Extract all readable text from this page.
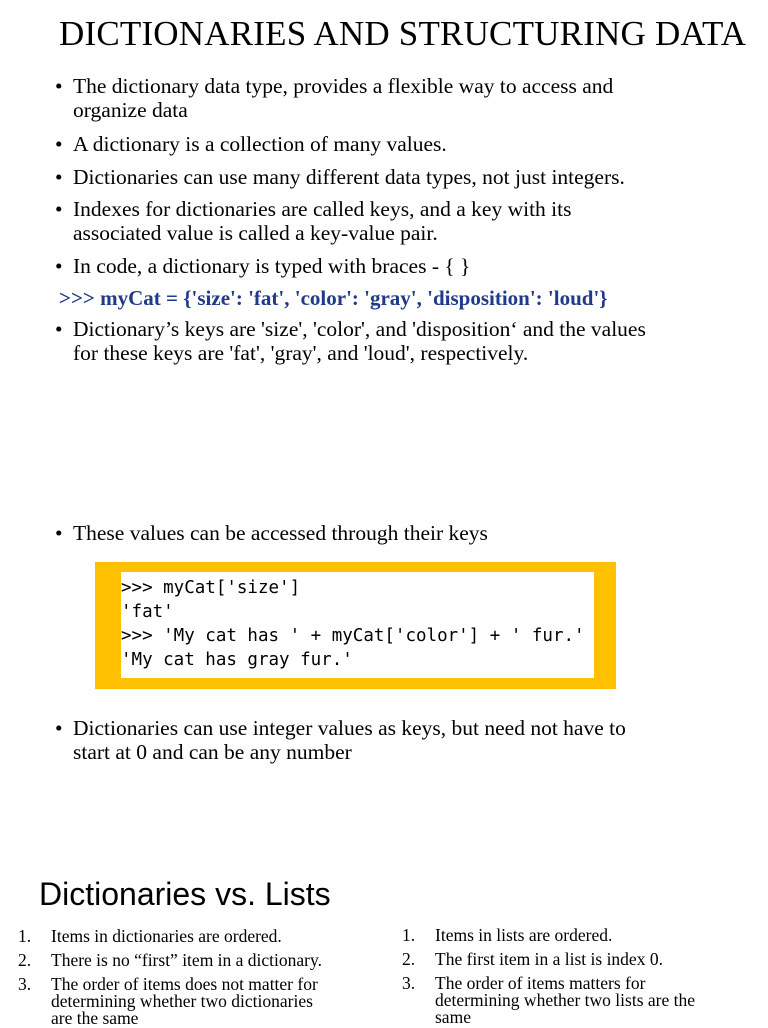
DICTIONARIES AND STRUCTURING DATA
• The dictionary data type, provides a flexible way to access and
organize data
• A dictionary is a collection of many values.
• Dictionaries can use many different data types, not just integers.
• Indexes for dictionaries are called keys, and a key with its
associated value is called a key-value pair.
• In code, a dictionary is typed with braces - { }
>>> myCat = {'size': 'fat', 'color': 'gray', 'disposition': 'loud'}
• Dictionary’s keys are 'size', 'color', and 'disposition‘ and the values
for these keys are 'fat', 'gray', and 'loud', respectively.
• These values can be accessed through their keys
>>> myCat['size']
'fat'
>>> 'My cat has ' + myCat['color'] + ' fur.'
'My cat has gray fur.'
• Dictionaries can use integer values as keys, but need not have to
start at 0 and can be any number
Dictionaries vs. Lists
1. Items in dictionaries are ordered.
2. There is no “first” item in a dictionary.
3. The order of items does not matter for
determining whether two dictionaries
are the same
1. Items in lists are ordered.
2. The first item in a list is index 0.
3. The order of items matters for
determining whether two lists are the
same
